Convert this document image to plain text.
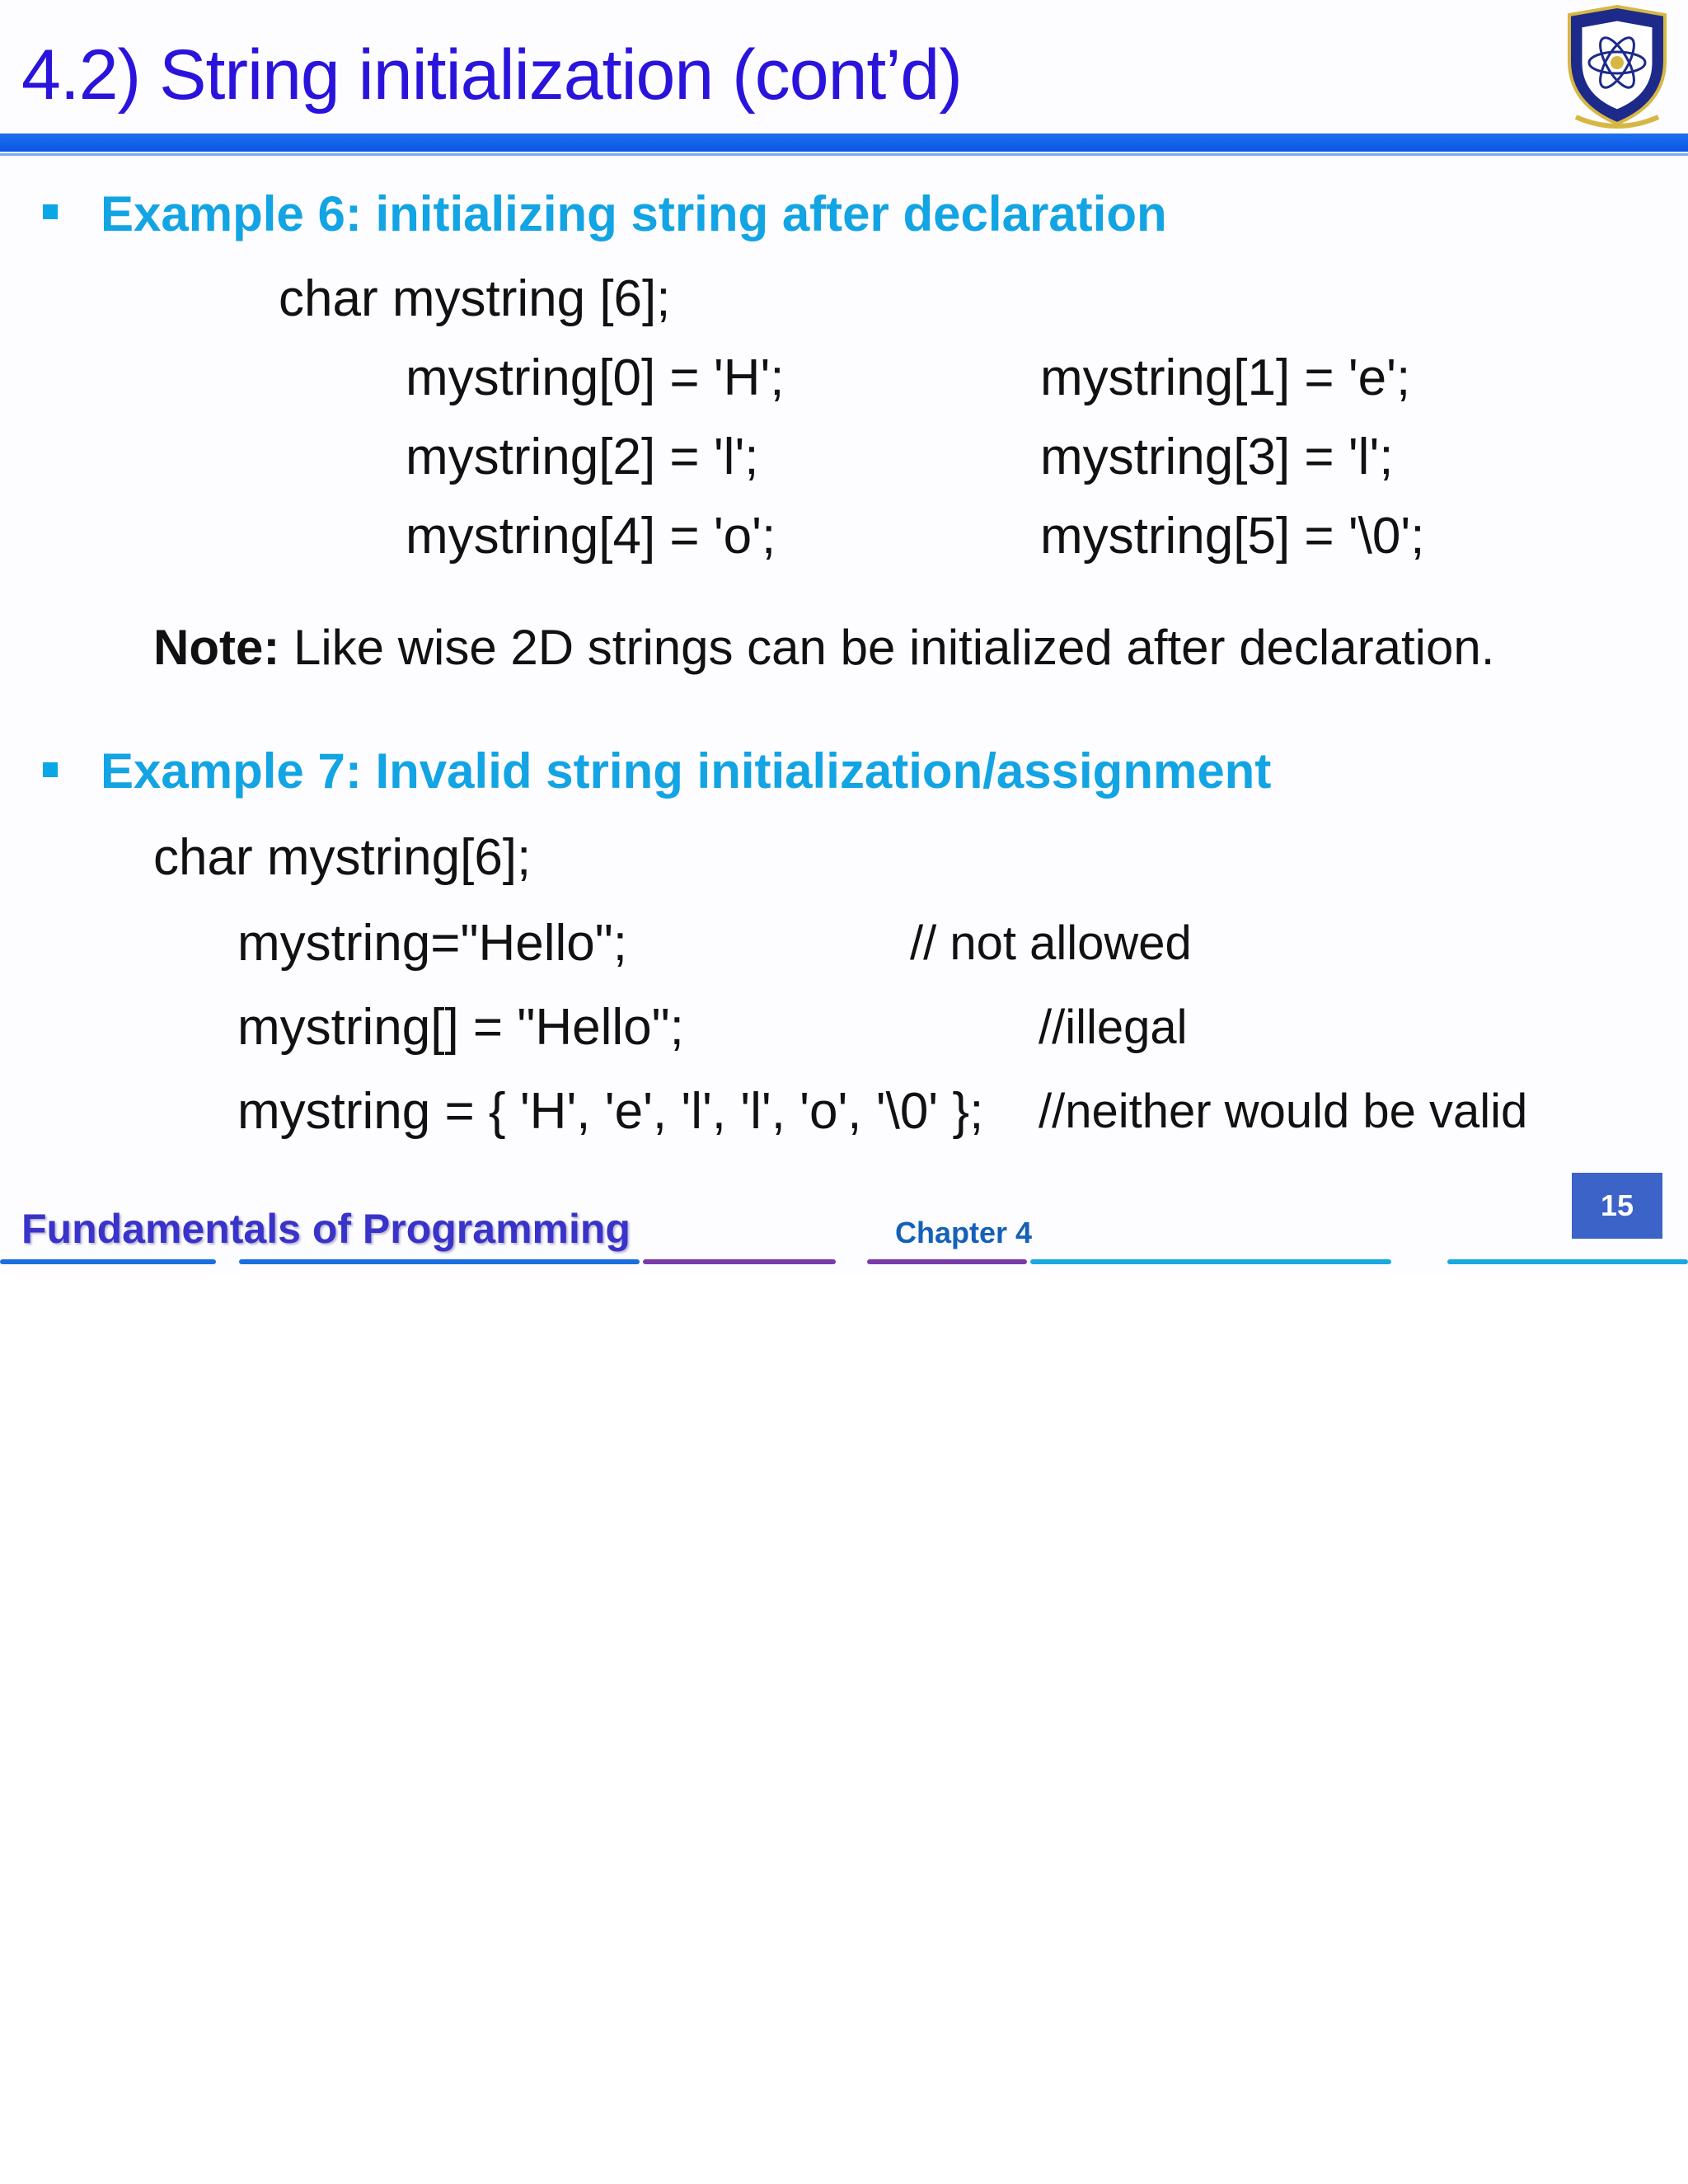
4.2) String initialization (cont’d)
Example 6: initializing string after declaration
char mystring [6];
mystring[0] = 'H';	mystring[1] = 'e';
mystring[2] = 'l';	mystring[3] = 'l';
mystring[4] = 'o';	mystring[5] = '\0';
Note: Like wise 2D strings can be initialized after declaration.
Example 7: Invalid string initialization/assignment
char mystring[6];
mystring="Hello";	// not allowed
mystring[] = "Hello";	//illegal
mystring = { 'H', 'e', 'l', 'l', 'o', '\0' }; //neither would be valid
Fundamentals of Programming	Chapter 4
15
